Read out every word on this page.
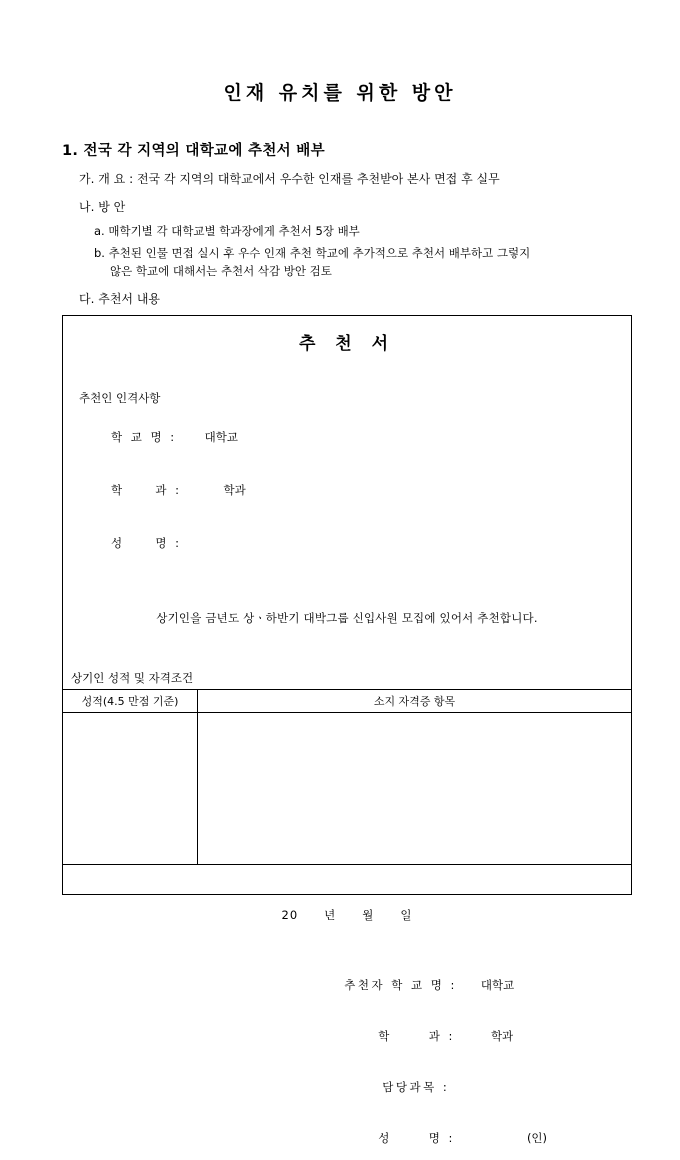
인재 유치를 위한 방안
1. 전국 각 지역의 대학교에 추천서 배부
가. 개 요 : 전국 각 지역의 대학교에서 우수한 인재를 추천받아 본사 면접 후 실무
나. 방 안
a. 매학기별 각 대학교별 학과장에게 추천서 5장 배부
b. 추천된 인물 면접 실시 후 우수 인재 추천 학교에 추가적으로 추천서 배부하고 그렇지
않은 학교에 대해서는 추천서 삭감 방안 검토
다. 추천서 내용
추 천 서
추천인 인격사항

학 교 명 : 대학교

학     과 :	학과

성     명 :

상기인을 금년도 상ㆍ하반기 대박그룹 신입사원 모집에 있어서 추천합니다.
상기인 성적 및 자격조건
성적(4.5 만점 기준)	소지 자격증 항목

20 년 월 일

추천자 학 교 명 : 대학교

학      과 :	학과

담당과목 :

성      명 :	(인)
